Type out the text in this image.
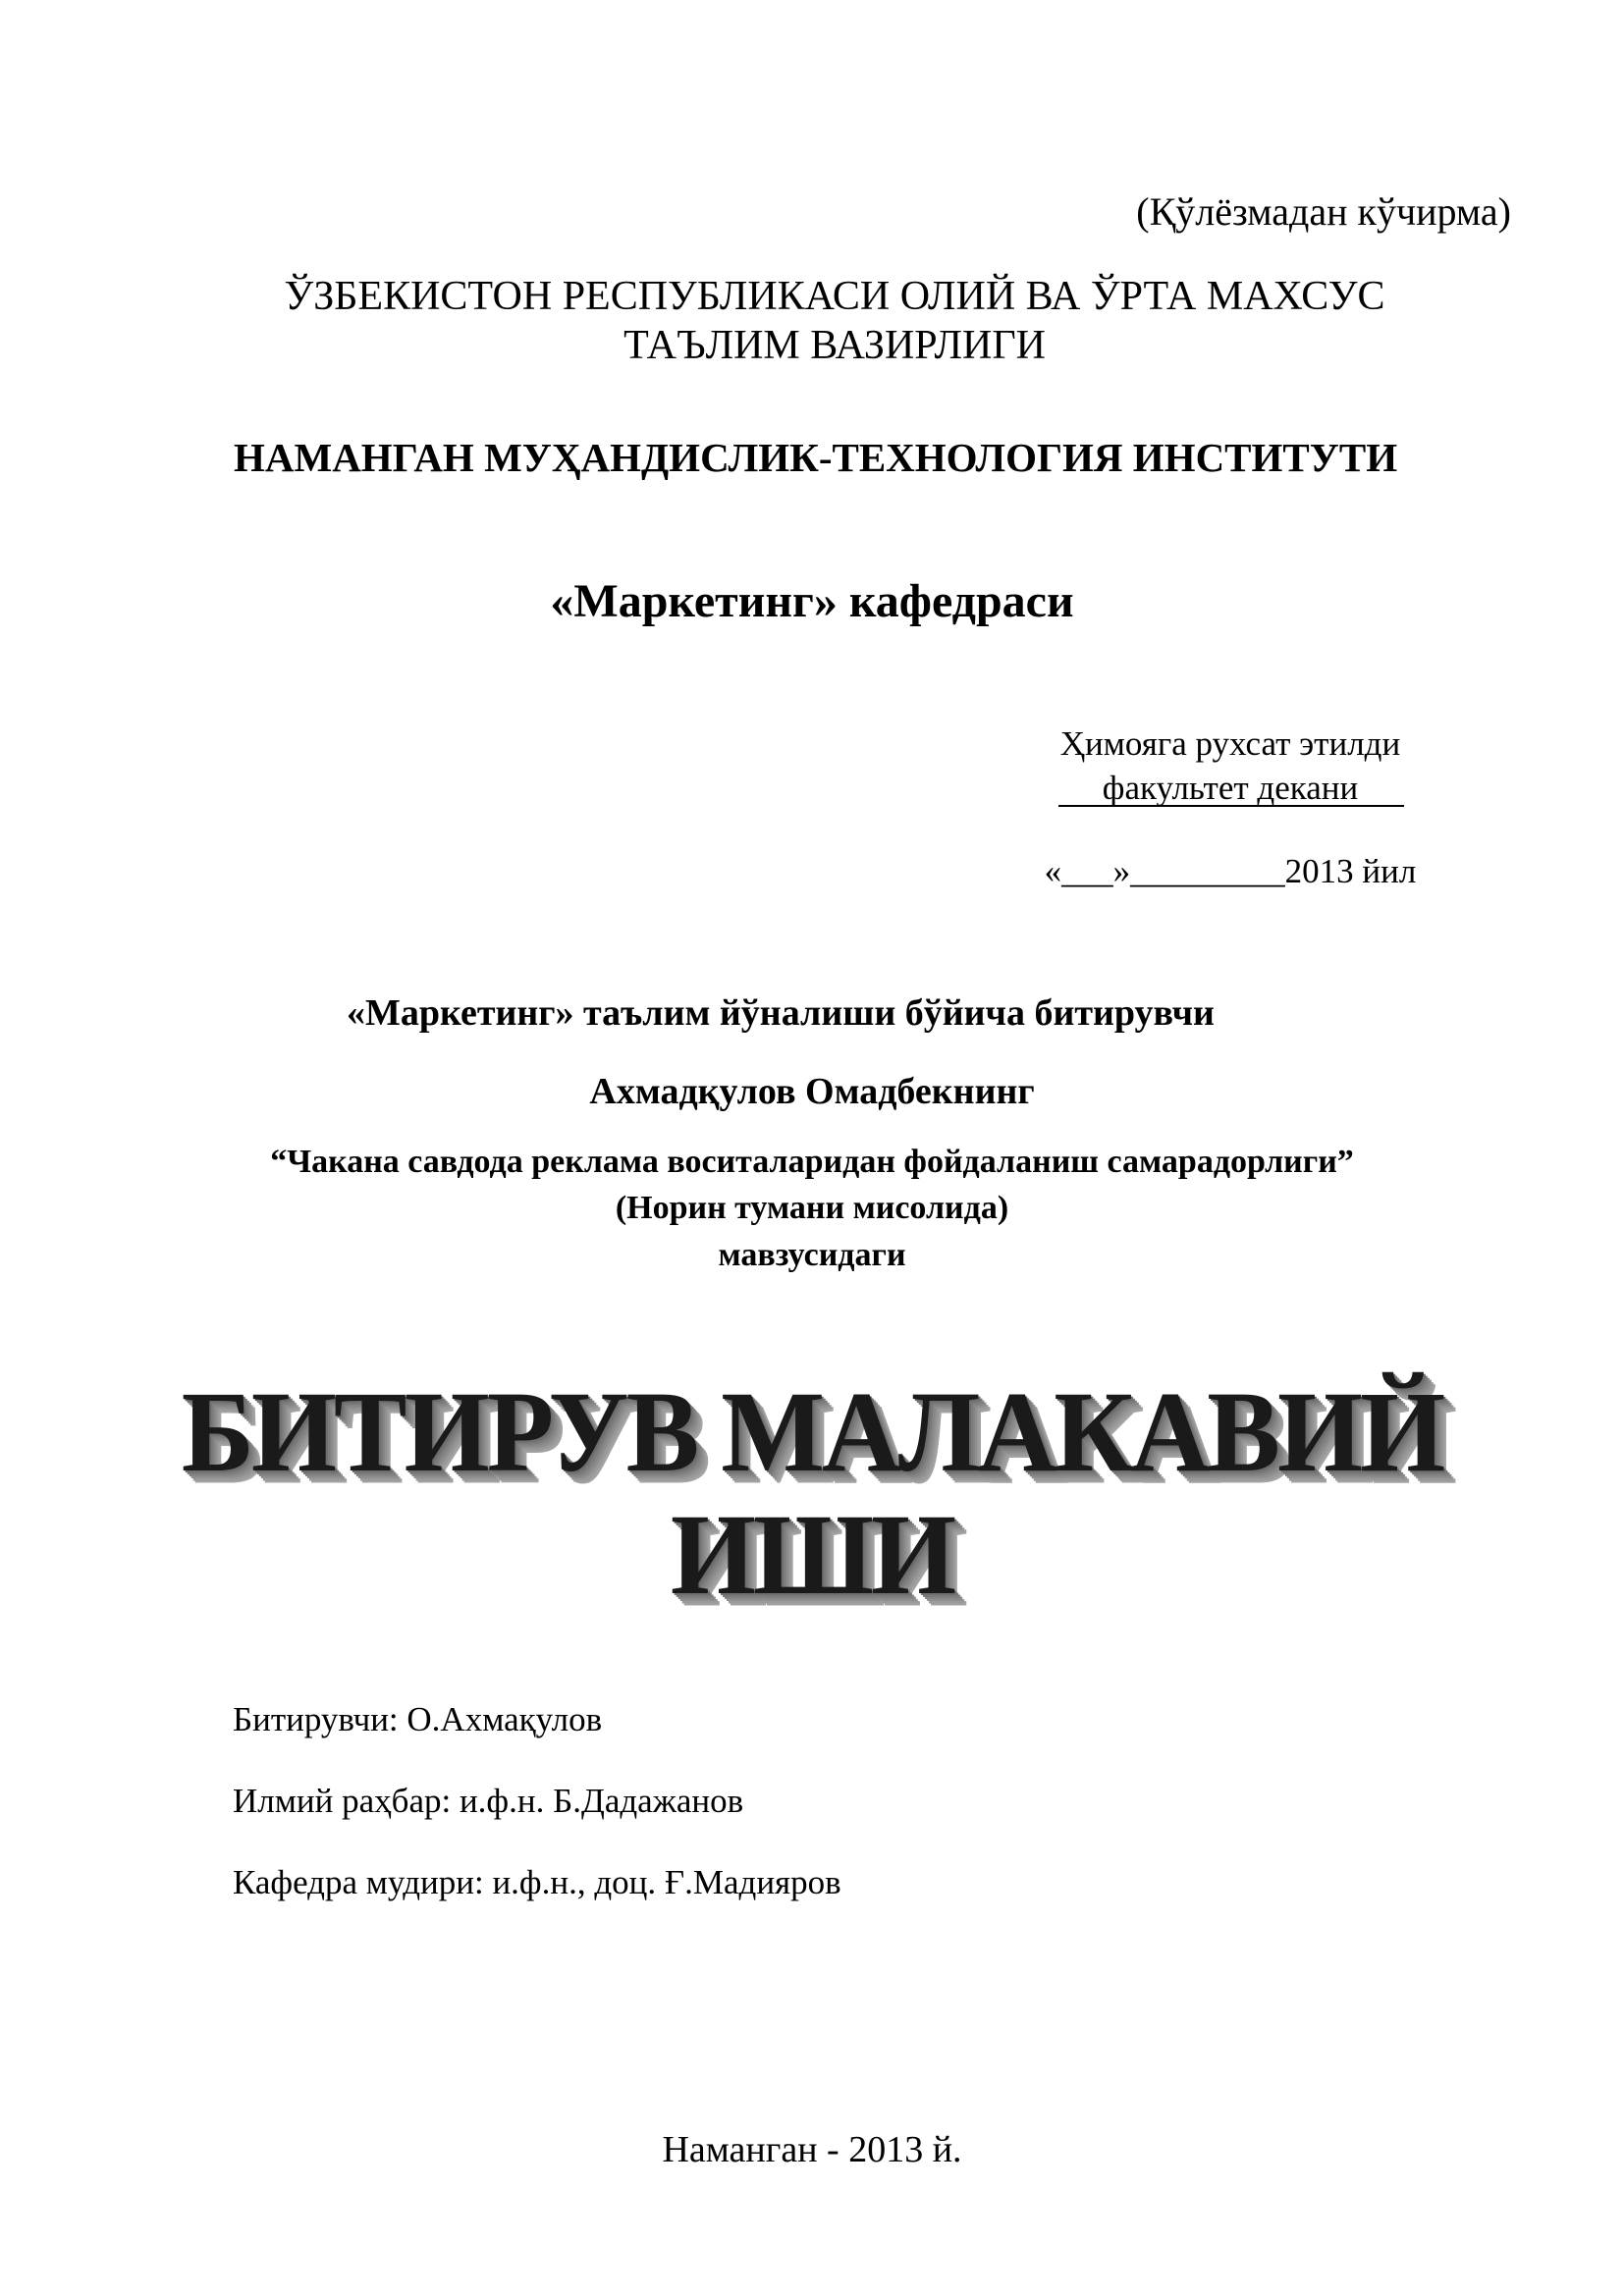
(Қўлёзмадан кўчирма)
ЎЗБЕКИСТОН РЕСПУБЛИКАСИ ОЛИЙ ВА ЎРТА МАХСУС
ТАЪЛИМ ВАЗИРЛИГИ
НАМАНГАН МУҲАНДИСЛИК-ТЕХНОЛОГИЯ ИНСТИТУТИ
«Маркетинг» кафедраси
Ҳимояга рухсат этилди
факультет декани
«___»_________2013 йил
«Маркетинг» таълим йўналиши бўйича битирувчи
Ахмадқулов Омадбекнинг
“Чакана савдода реклама воситаларидан фойдаланиш самарадорлиги”
(Норин тумани мисолида)
мавзусидаги
БИТИРУВ МАЛАКАВИЙ
ИШИ
Битирувчи: О.Ахмақулов
Илмий раҳбар: и.ф.н. Б.Дадажанов
Кафедра мудири: и.ф.н., доц. Ғ.Мадияров
Наманган - 2013 й.
